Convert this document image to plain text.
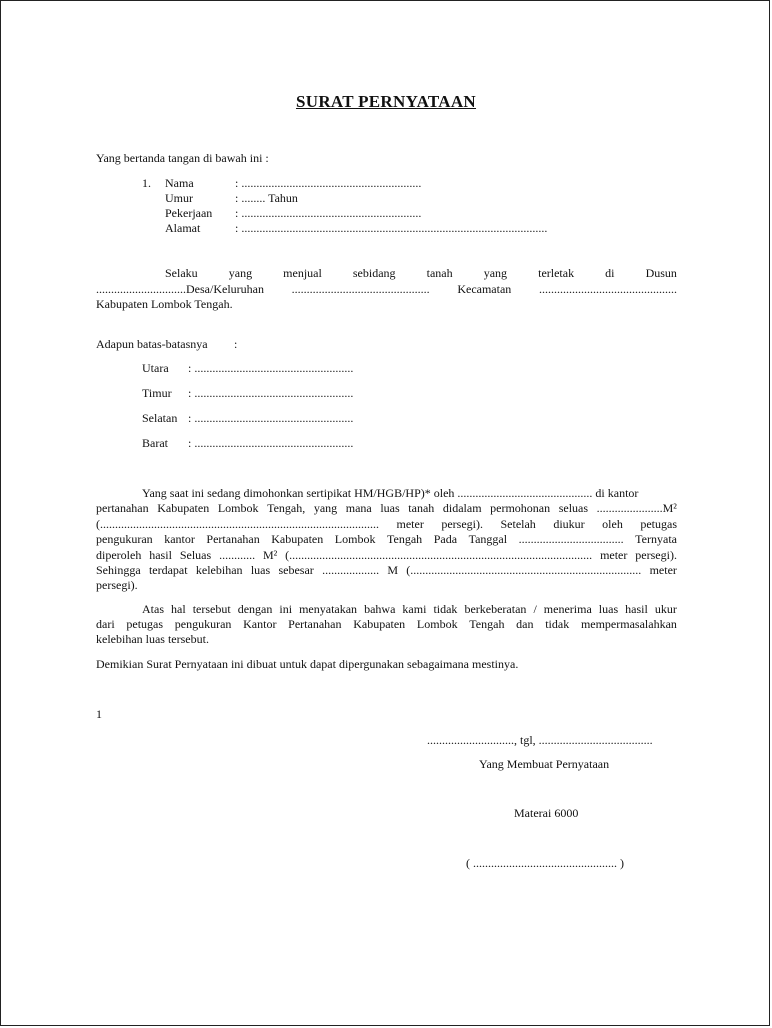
SURAT PERNYATAAN
Yang bertanda tangan di bawah ini :
1. Nama	: ............................................................
Umur	: ........ Tahun
Pekerjaan : ............................................................
Alamat	: ......................................................................................................
Selaku	yang	menjual	sebidang	tanah	yang	terletak	di	Dusun
..............................Desa/Keluruhan .............................................. Kecamatan ..............................................
Kabupaten Lombok Tengah.
Adapun batas-batasnya :
Utara : .....................................................
Timur : .....................................................
Selatan : .....................................................
Barat : .....................................................
Yang saat ini sedang dimohonkan sertipikat HM/HGB/HP)* oleh ............................................. di kantor
pertanahan Kabupaten Lombok Tengah, yang mana luas tanah didalam permohonan seluas ......................M²
(............................................................................................. meter persegi). Setelah diukur oleh petugas
pengukuran kantor Pertanahan Kabupaten Lombok Tengah Pada Tanggal ................................... Ternyata
diperoleh hasil Seluas ............ M² (..................................................................................................... meter persegi).
Sehingga terdapat kelebihan luas sebesar ................... M (............................................................................. meter
persegi).
Atas hal tersebut dengan ini menyatakan bahwa kami tidak berkeberatan / menerima luas hasil ukur
dari petugas pengukuran Kantor Pertanahan Kabupaten Lombok Tengah dan tidak mempermasalahkan
kelebihan luas tersebut.
Demikian Surat Pernyataan ini dibuat untuk dapat dipergunakan sebagaimana mestinya.
1
............................., tgl, ......................................
Yang Membuat Pernyataan
Materai 6000
( ................................................ )
